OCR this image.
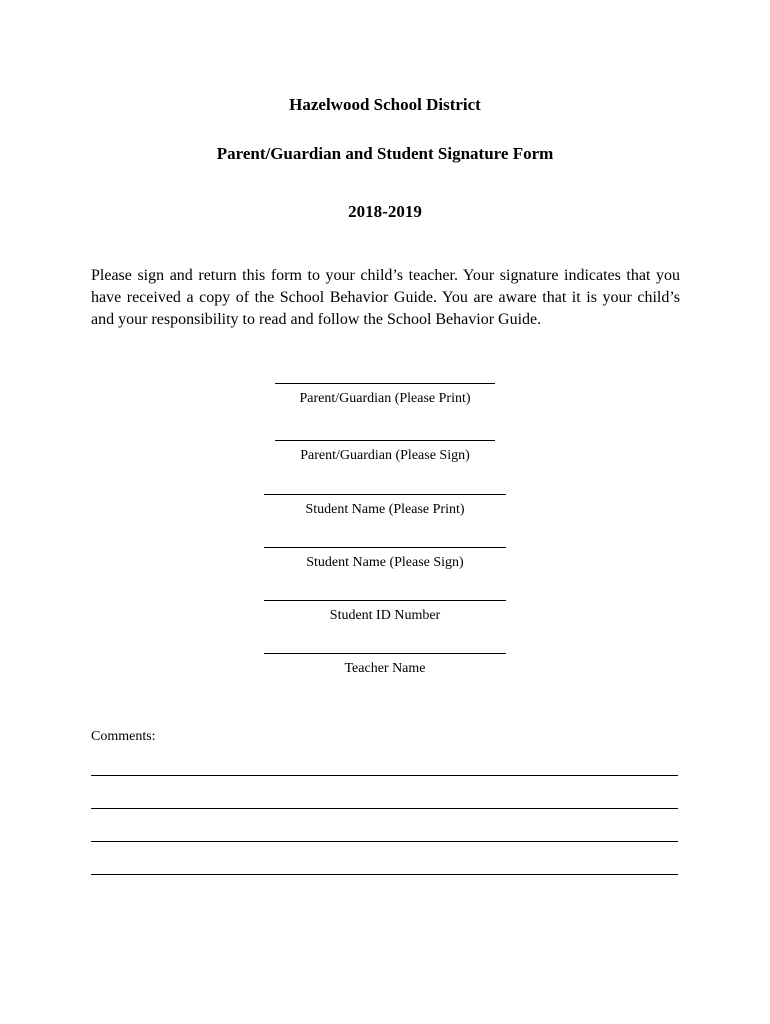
Hazelwood School District
Parent/Guardian and Student Signature Form
2018-2019

Please sign and return this form to your child’s teacher. Your signature indicates that you have received a copy of the School Behavior Guide. You are aware that it is your child’s and your responsibility to read and follow the School Behavior Guide.

Parent/Guardian (Please Print)
Parent/Guardian (Please Sign)
Student Name (Please Print)
Student Name (Please Sign)
Student ID Number
Teacher Name
Comments:
